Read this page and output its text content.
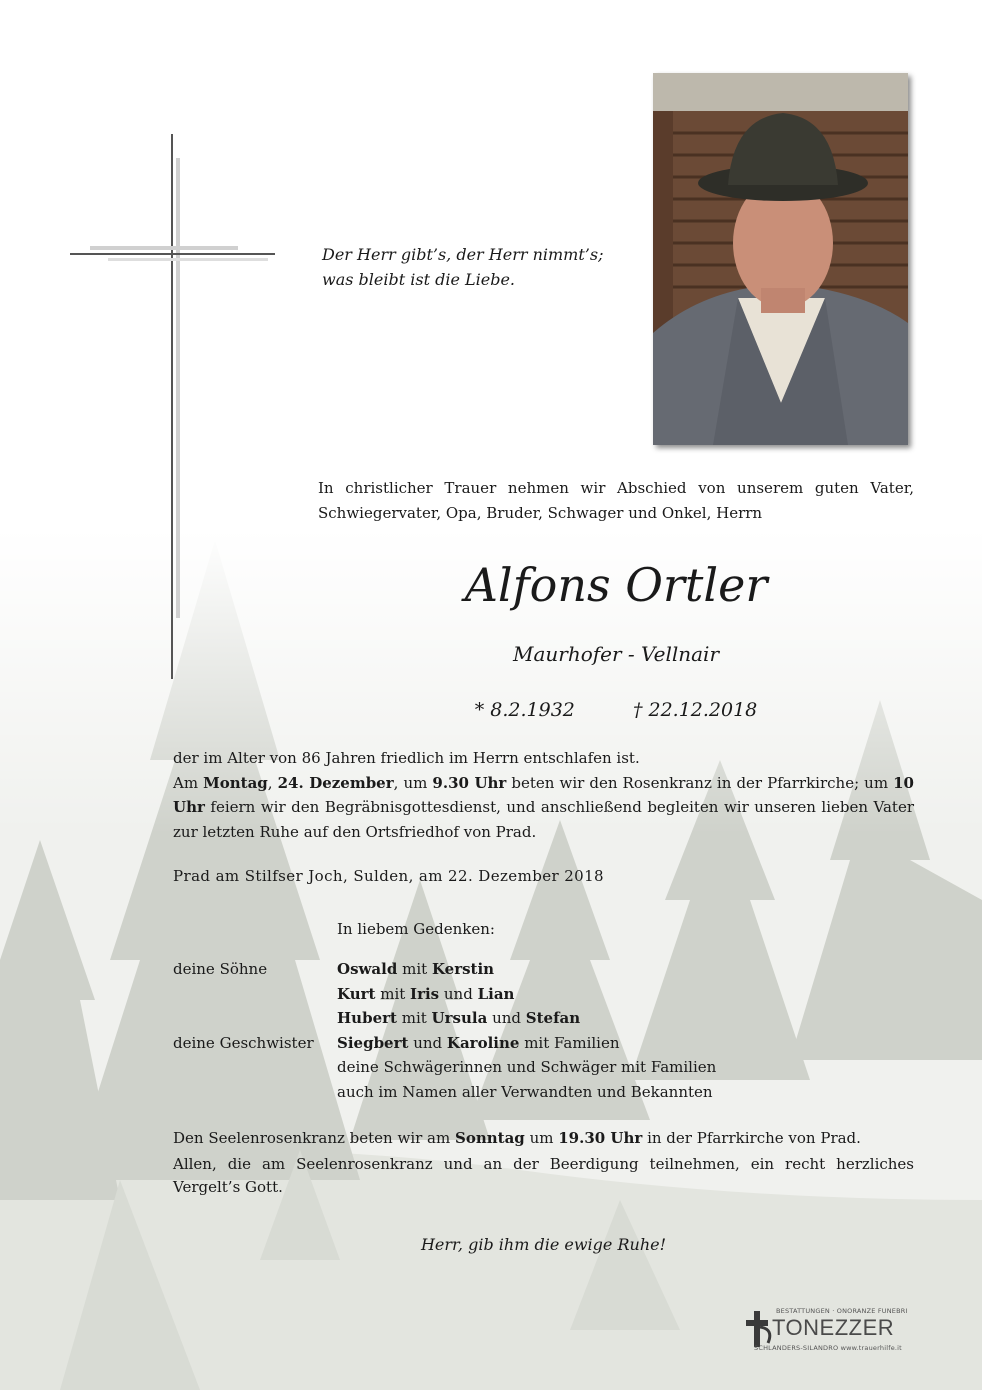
Der Herr gibt’s, der Herr nimmt’s;
was bleibt ist die Liebe.
In christlicher Trauer nehmen wir Abschied von unserem guten Vater, Schwiegervater, Opa, Bruder, Schwager und Onkel, Herrn
Alfons Ortler
Maurhofer - Vellnair
* 8.2.1932	† 22.12.2018

der im Alter von 86 Jahren friedlich im Herrn entschlafen ist.

Am Montag, 24. Dezember, um 9.30 Uhr beten wir den Rosenkranz in der Pfarrkirche; um 10 Uhr feiern wir den Begräbnisgottesdienst, und anschließend begleiten wir unseren lieben Vater zur letzten Ruhe auf den Ortsfriedhof von Prad.

Prad am Stilfser Joch, Sulden, am 22. Dezember 2018
In liebem Gedenken:
deine Söhne	Oswald mit Kerstin
Kurt mit Iris und Lian
Hubert mit Ursula und Stefan
deine Geschwister	Siegbert und Karoline mit Familien
deine Schwägerinnen und Schwäger mit Familien
auch im Namen aller Verwandten und Bekannten

Den Seelenrosenkranz beten wir am Sonntag um 19.30 Uhr in der Pfarrkirche von Prad.

Allen, die am Seelenrosenkranz und an der Beerdigung teilnehmen, ein recht herzliches Vergelt’s Gott.

Herr, gib ihm die ewige Ruhe!
BESTATTUNGEN · ONORANZE FUNEBRI
TONEZZER
SCHLANDERS-SILANDRO www.trauerhilfe.it
